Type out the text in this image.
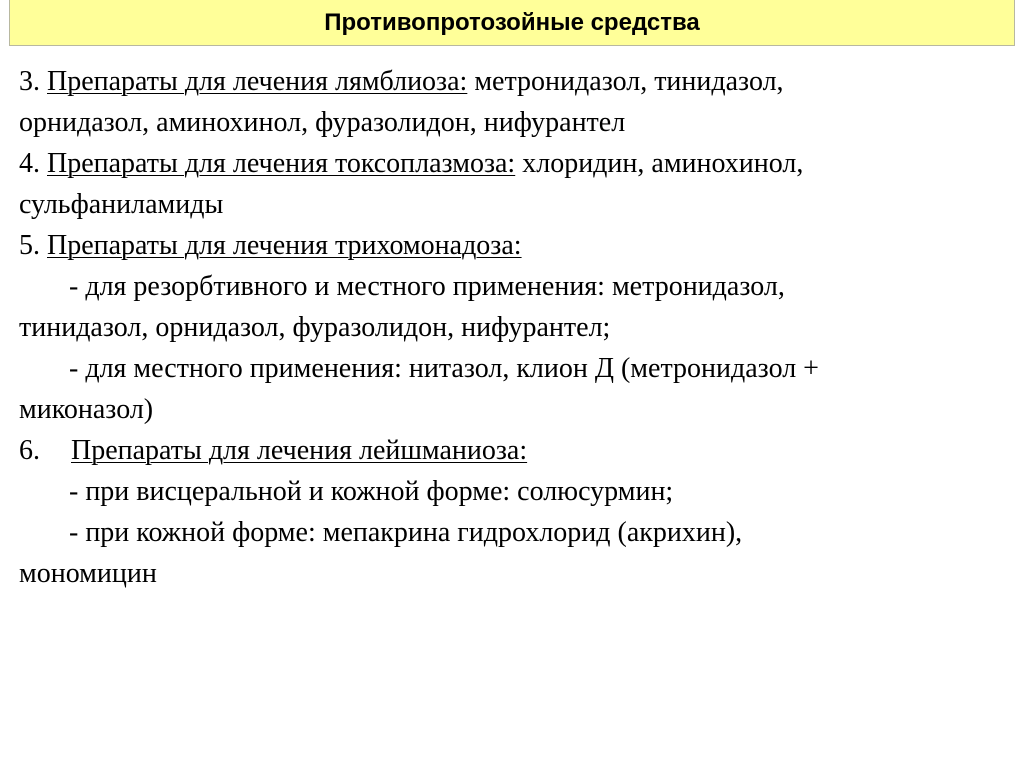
Противопротозойные средства
3. Препараты для лечения лямблиоза: метронидазол, тинидазол,
орнидазол, аминохинол, фуразолидон, нифурантел
4. Препараты для лечения токсоплазмоза: хлоридин, аминохинол,
сульфаниламиды
5. Препараты для лечения трихомонадоза:
- для резорбтивного и местного применения: метронидазол,
тинидазол, орнидазол, фуразолидон, нифурантел;
- для местного применения: нитазол, клион Д (метронидазол +
миконазол)
6. Препараты для лечения лейшманиоза:
- при висцеральной и кожной форме: солюсурмин;
- при кожной форме: мепакрина гидрохлорид (акрихин),
мономицин
